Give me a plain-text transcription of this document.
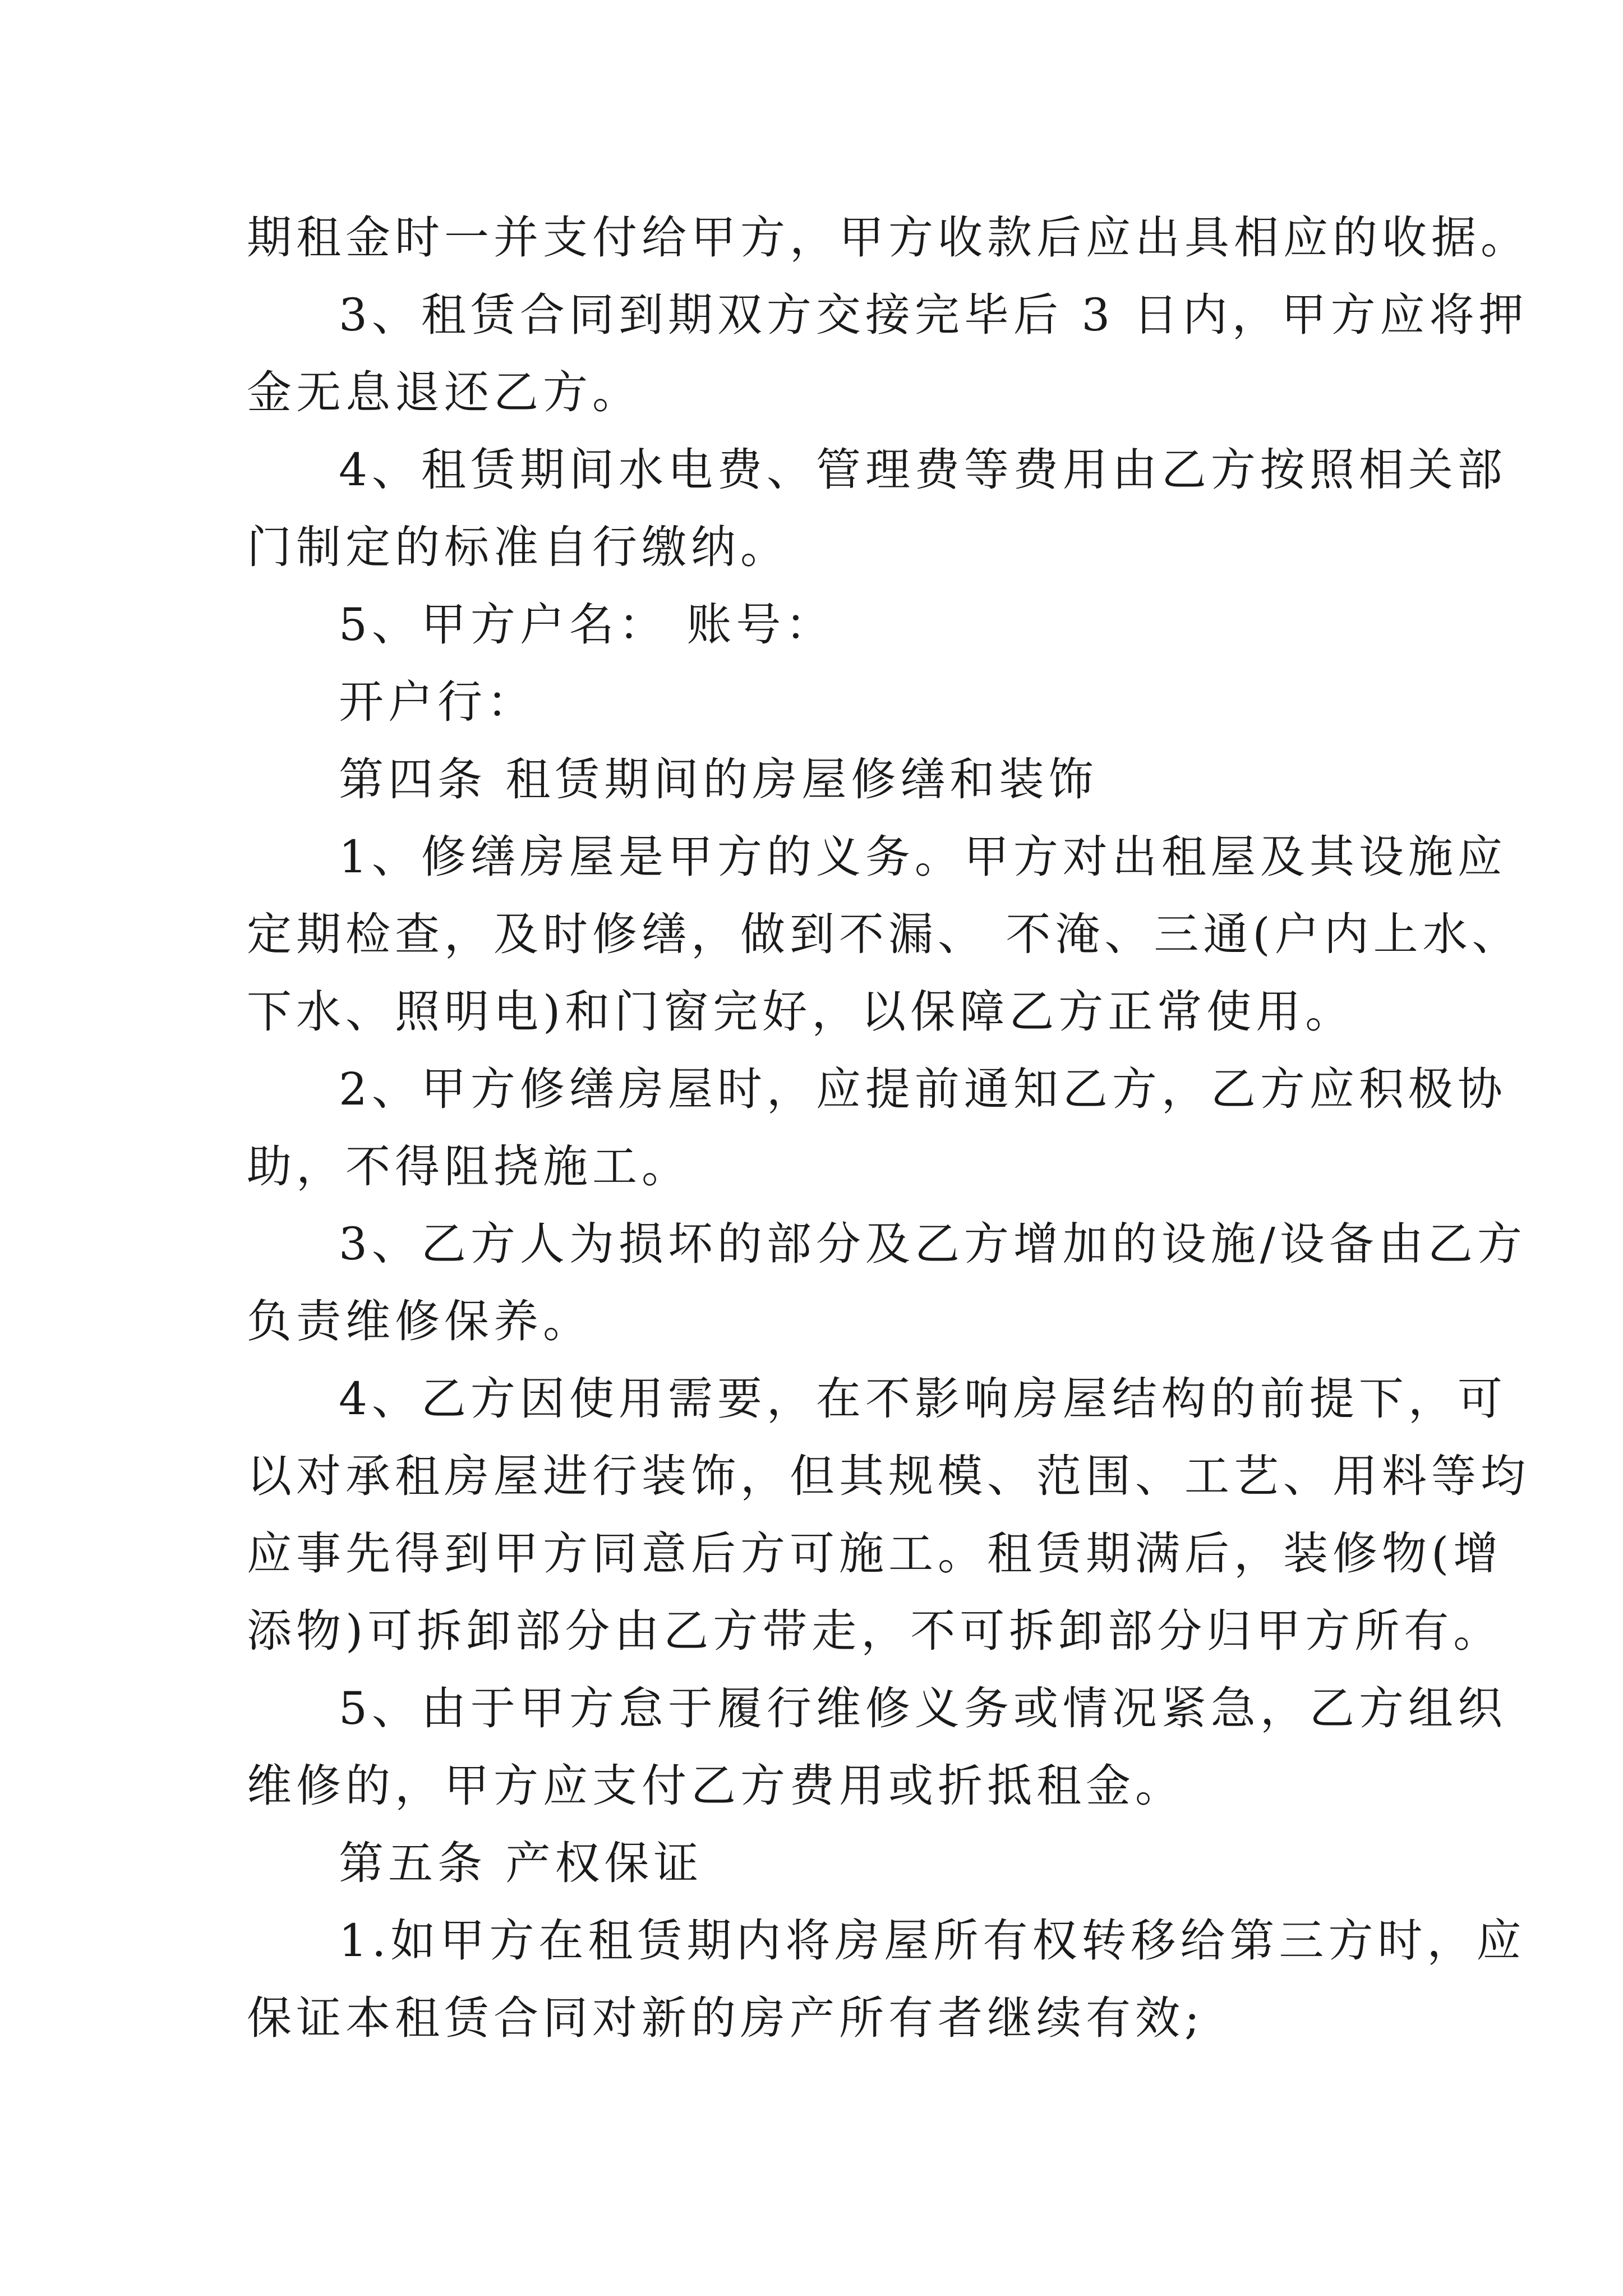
期租金时一并支付给甲方，甲方收款后应出具相应的收据。
3、租赁合同到期双方交接完毕后 3 日内，甲方应将押
金无息退还乙方。
4、租赁期间水电费、管理费等费用由乙方按照相关部
门制定的标准自行缴纳。
5、甲方户名： 账号：
开户行：
第四条 租赁期间的房屋修缮和装饰
1、修缮房屋是甲方的义务。甲方对出租屋及其设施应
定期检查，及时修缮，做到不漏、 不淹、三通(户内上水、
下水、照明电)和门窗完好，以保障乙方正常使用。
2、甲方修缮房屋时，应提前通知乙方，乙方应积极协
助，不得阻挠施工。
3、乙方人为损坏的部分及乙方增加的设施/设备由乙方
负责维修保养。
4、乙方因使用需要，在不影响房屋结构的前提下，可
以对承租房屋进行装饰，但其规模、范围、工艺、用料等均
应事先得到甲方同意后方可施工。租赁期满后，装修物(增
添物)可拆卸部分由乙方带走，不可拆卸部分归甲方所有。
5、由于甲方怠于履行维修义务或情况紧急，乙方组织
维修的，甲方应支付乙方费用或折抵租金。
第五条 产权保证
1.如甲方在租赁期内将房屋所有权转移给第三方时，应
保证本租赁合同对新的房产所有者继续有效;
